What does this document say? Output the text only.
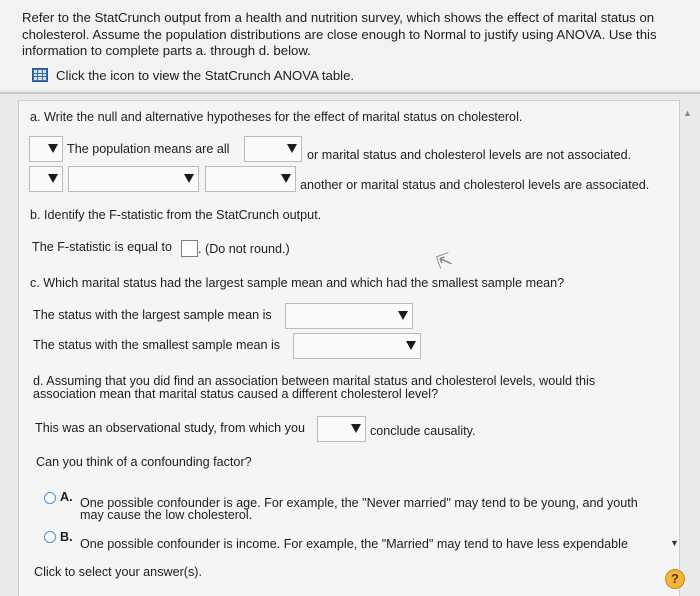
Refer to the StatCrunch output from a health and nutrition survey, which shows the effect of marital status on
cholesterol. Assume the population distributions are close enough to Normal to justify using ANOVA. Use this
information to complete parts a. through d. below.
Click the icon to view the StatCrunch ANOVA table.
▲
▼
a. Write the null and alternative hypotheses for the effect of marital status on cholesterol.
The population means are all	or marital status and cholesterol levels are not associated.
another or marital status and cholesterol levels are associated.
b. Identify the F-statistic from the StatCrunch output.
The F-statistic is equal to . (Do not round.)
⇱
c. Which marital status had the largest sample mean and which had the smallest sample mean?
The status with the largest sample mean is
The status with the smallest sample mean is
d. Assuming that you did find an association between marital status and cholesterol levels, would this
association mean that marital status caused a different cholesterol level?
This was an observational study, from which you	conclude causality.
Can you think of a confounding factor?
A. One possible confounder is age. For example, the "Never married" may tend to be young, and youth
may cause the low cholesterol.
B. One possible confounder is income. For example, the "Married" may tend to have less expendable
Click to select your answer(s).	?
